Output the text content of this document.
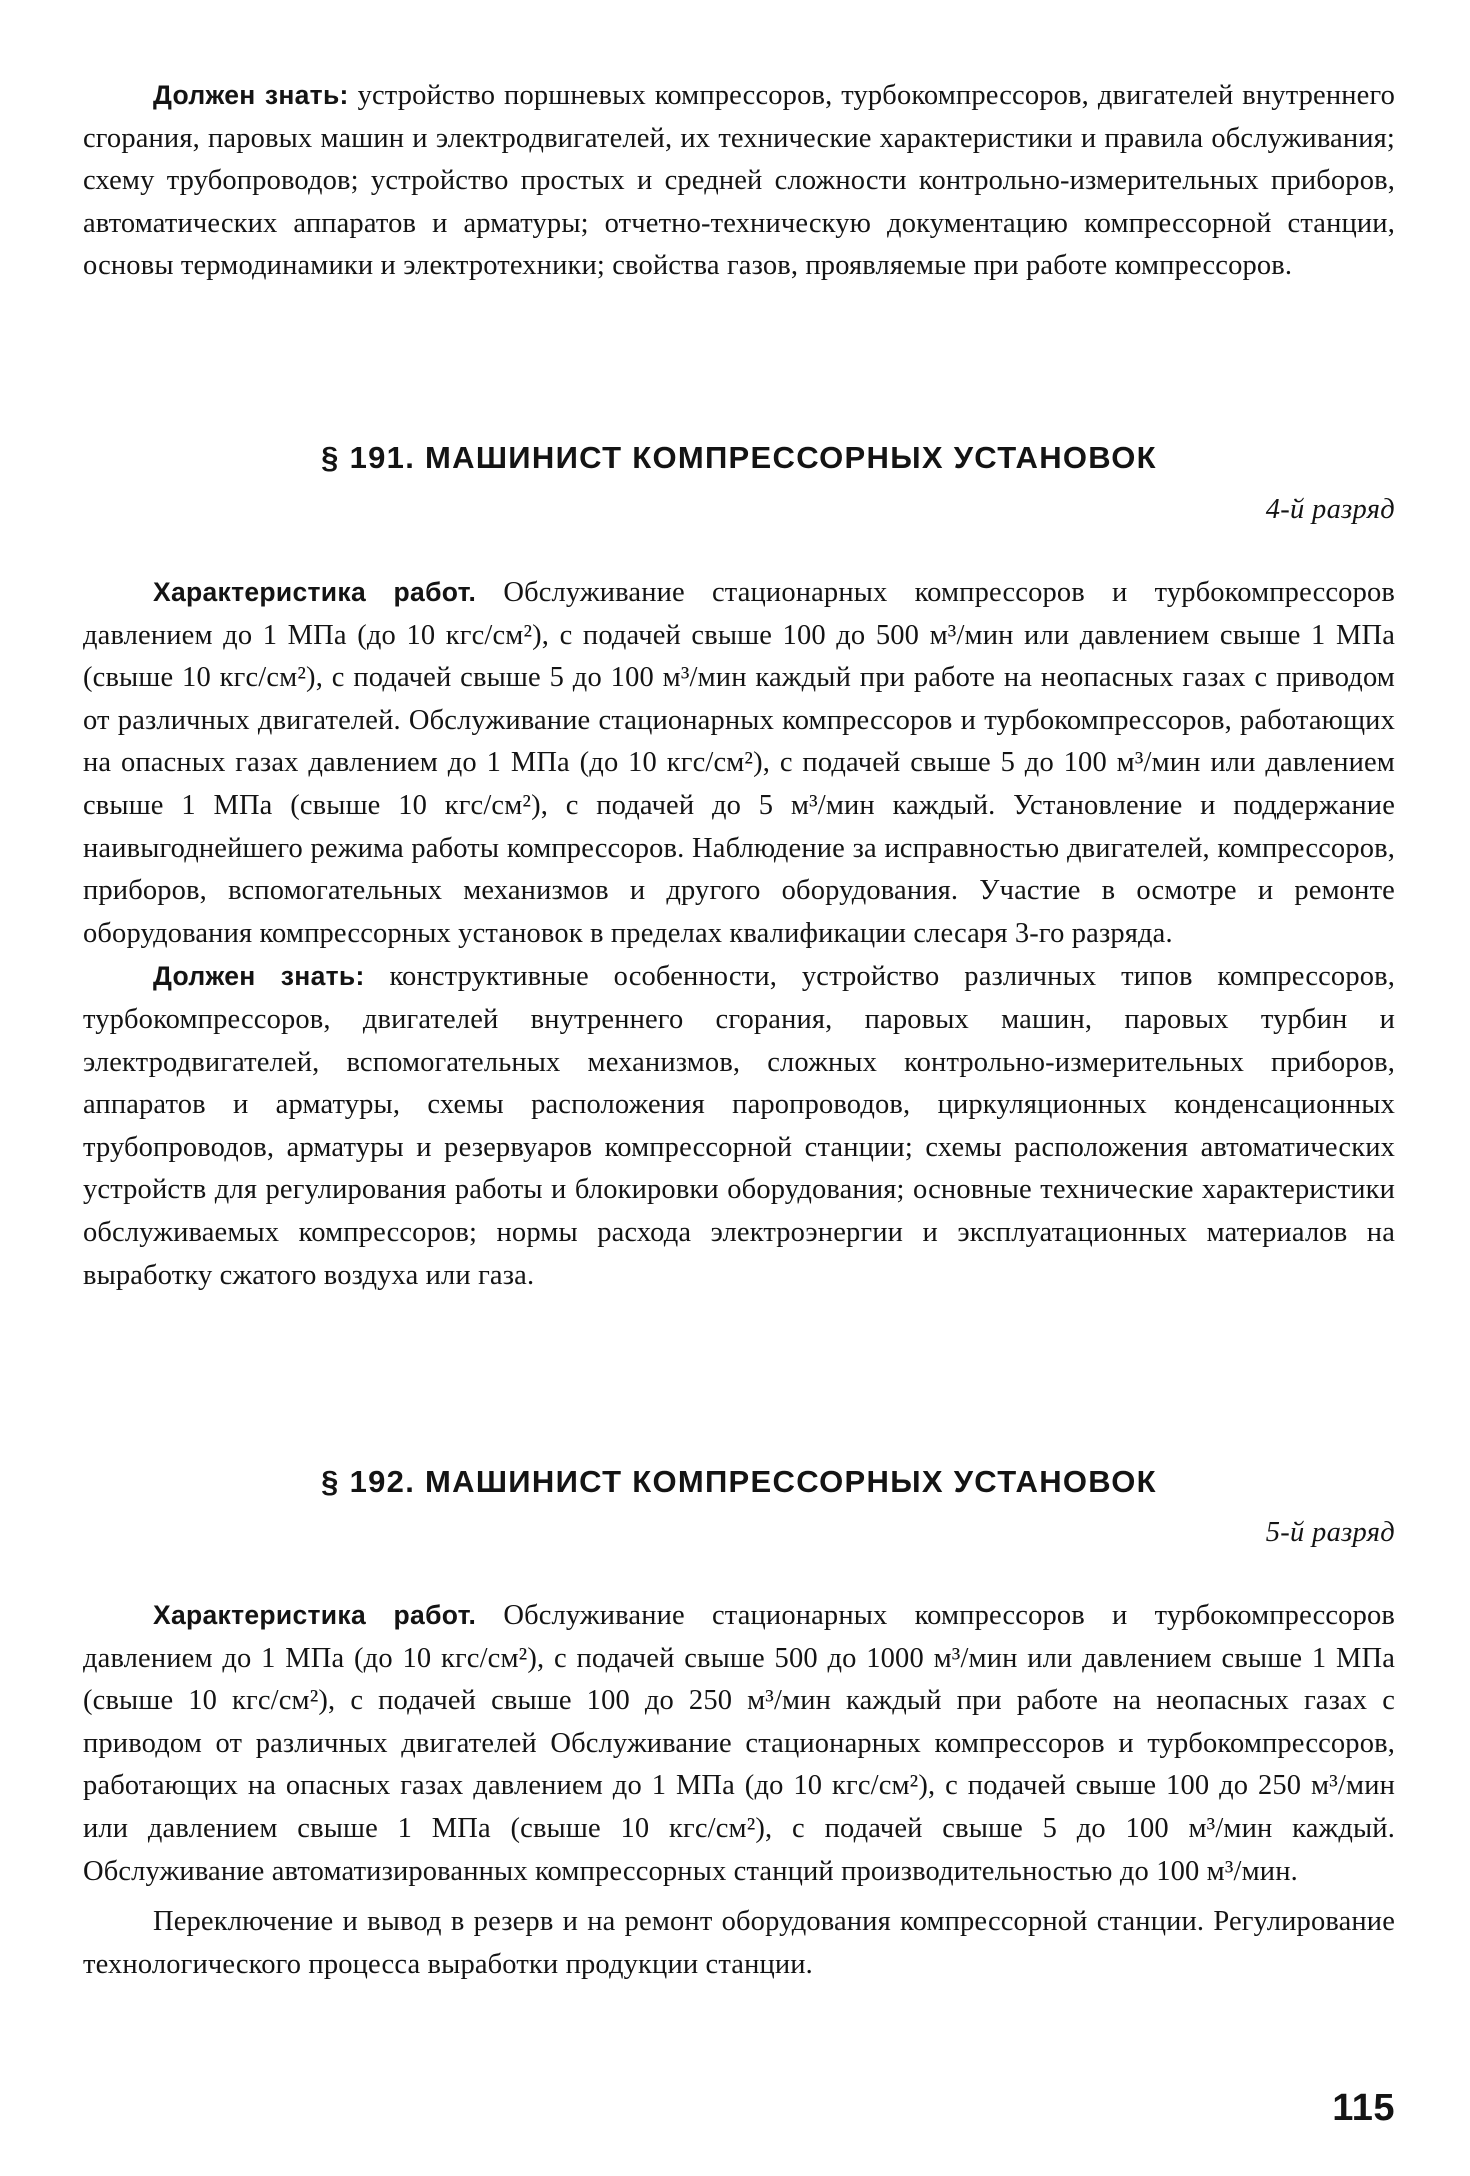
Должен знать: устройство поршневых компрессоров, турбокомпрессоров, двигателей внутреннего сгорания, паровых машин и электродвигателей, их технические характеристики и правила обслуживания; схему трубопроводов; устройство простых и средней сложности контрольно-измерительных приборов, автоматических аппаратов и арматуры; отчетно-техническую документацию компрессорной станции, основы термодинамики и электротехники; свойства газов, проявляемые при работе компрессоров.

§ 191. МАШИНИСТ КОМПРЕССОРНЫХ УСТАНОВОК
4-й разряд

Характеристика работ. Обслуживание стационарных компрессоров и турбокомпрессоров давлением до 1 МПа (до 10 кгс/см²), с подачей свыше 100 до 500 м³/мин или давлением свыше 1 МПа (свыше 10 кгс/см²), с подачей свыше 5 до 100 м³/мин каждый при работе на неопасных газах с приводом от различных двигателей. Обслуживание стационарных компрессоров и турбокомпрессоров, работающих на опасных газах давлением до 1 МПа (до 10 кгс/см²), с подачей свыше 5 до 100 м³/мин или давлением свыше 1 МПа (свыше 10 кгс/см²), с подачей до 5 м³/мин каждый. Установление и поддержание наивыгоднейшего режима работы компрессоров. Наблюдение за исправностью двигателей, компрессоров, приборов, вспомогательных механизмов и другого оборудования. Участие в осмотре и ремонте оборудования компрессорных установок в пределах квалификации слесаря 3-го разряда.

Должен знать: конструктивные особенности, устройство различных типов компрессоров, турбокомпрессоров, двигателей внутреннего сгорания, паровых машин, паровых турбин и электродвигателей, вспомогательных механизмов, сложных контрольно-измерительных приборов, аппаратов и арматуры, схемы расположения паропроводов, циркуляционных конденсационных трубопроводов, арматуры и резервуаров компрессорной станции; схемы расположения автоматических устройств для регулирования работы и блокировки оборудования; основные технические характеристики обслуживаемых компрессоров; нормы расхода электроэнергии и эксплуатационных материалов на выработку сжатого воздуха или газа.

§ 192. МАШИНИСТ КОМПРЕССОРНЫХ УСТАНОВОК
5-й разряд

Характеристика работ. Обслуживание стационарных компрессоров и турбокомпрессоров давлением до 1 МПа (до 10 кгс/см²), с подачей свыше 500 до 1000 м³/мин или давлением свыше 1 МПа (свыше 10 кгс/см²), с подачей свыше 100 до 250 м³/мин каждый при работе на неопасных газах с приводом от различных двигателей Обслуживание стационарных компрессоров и турбокомпрессоров, работающих на опасных газах давлением до 1 МПа (до 10 кгс/см²), с подачей свыше 100 до 250 м³/мин или давлением свыше 1 МПа (свыше 10 кгс/см²), с подачей свыше 5 до 100 м³/мин каждый. Обслуживание автоматизированных компрессорных станций производительностью до 100 м³/мин.

Переключение и вывод в резерв и на ремонт оборудования компрессорной станции. Регулирование технологического процесса выработки продукции станции.

115
